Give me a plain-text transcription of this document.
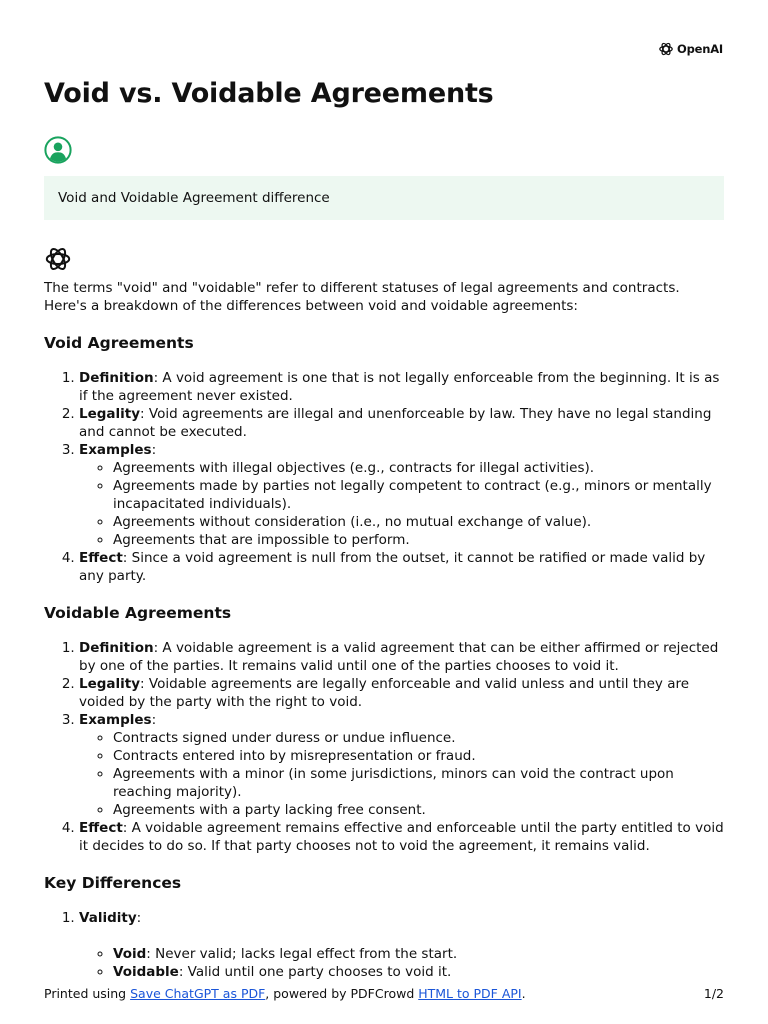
OpenAI
Void vs. Voidable Agreements
Void and Voidable Agreement difference

The terms "void" and "voidable" refer to different statuses of legal agreements and contracts. Here's a breakdown of the differences between void and voidable agreements:

Void Agreements
1. Definition: A void agreement is one that is not legally enforceable from the beginning. It is as if the agreement never existed.
2. Legality: Void agreements are illegal and unenforceable by law. They have no legal standing and cannot be executed.
3. Examples:
◦ Agreements with illegal objectives (e.g., contracts for illegal activities).
◦ Agreements made by parties not legally competent to contract (e.g., minors or mentally incapacitated individuals).
◦ Agreements without consideration (i.e., no mutual exchange of value).
◦ Agreements that are impossible to perform.
4. Effect: Since a void agreement is null from the outset, it cannot be ratified or made valid by any party.
Voidable Agreements
1. Definition: A voidable agreement is a valid agreement that can be either affirmed or rejected by one of the parties. It remains valid until one of the parties chooses to void it.
2. Legality: Voidable agreements are legally enforceable and valid unless and until they are voided by the party with the right to void.
3. Examples:
◦ Contracts signed under duress or undue influence.
◦ Contracts entered into by misrepresentation or fraud.
◦ Agreements with a minor (in some jurisdictions, minors can void the contract upon reaching majority).
◦ Agreements with a party lacking free consent.
4. Effect: A voidable agreement remains effective and enforceable until the party entitled to void it decides to do so. If that party chooses not to void the agreement, it remains valid.
Key Differences
1. Validity:
◦ Void: Never valid; lacks legal effect from the start.
◦ Voidable: Valid until one party chooses to void it.
Printed using Save ChatGPT as PDF, powered by PDFCrowd HTML to PDF API.	1/2
